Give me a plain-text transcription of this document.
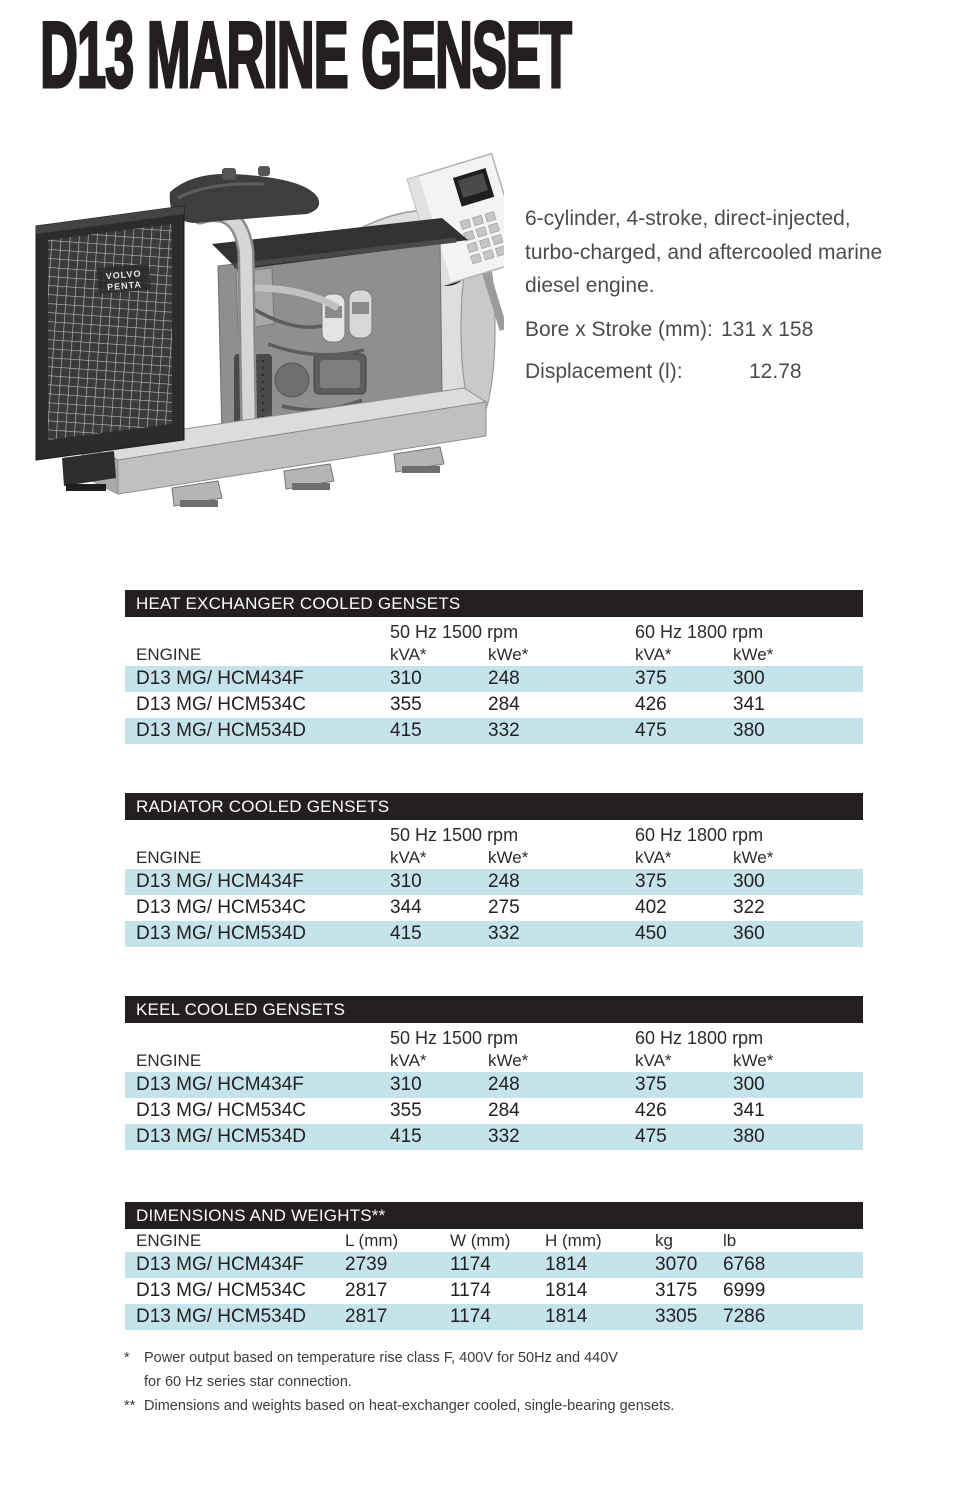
D13 MARINE GENSET
VOLVO
PENTA

6-cylinder, 4-stroke, direct-injected,
turbo-charged, and aftercooled marine
diesel engine.

Bore x Stroke (mm): 131 x 158
Displacement (l):	12.78
HEAT EXCHANGER COOLED GENSETS
50 Hz 1500 rpm	60 Hz 1800 rpm
ENGINE	kVA*	kWe*	kVA*	kWe*
D13 MG/ HCM434F	310	248	375	300
D13 MG/ HCM534C	355	284	426	341
D13 MG/ HCM534D	415	332	475	380
RADIATOR COOLED GENSETS
50 Hz 1500 rpm	60 Hz 1800 rpm
ENGINE	kVA*	kWe*	kVA*	kWe*
D13 MG/ HCM434F	310	248	375	300
D13 MG/ HCM534C	344	275	402	322
D13 MG/ HCM534D	415	332	450	360
KEEL COOLED GENSETS
50 Hz 1500 rpm	60 Hz 1800 rpm
ENGINE	kVA*	kWe*	kVA*	kWe*
D13 MG/ HCM434F	310	248	375	300
D13 MG/ HCM534C	355	284	426	341
D13 MG/ HCM534D	415	332	475	380
DIMENSIONS AND WEIGHTS**
ENGINE	L (mm)	W (mm)	H (mm)	kg	lb
D13 MG/ HCM434F	2739	1174	1814	3070	6768
D13 MG/ HCM534C	2817	1174	1814	3175	6999
D13 MG/ HCM534D	2817	1174	1814	3305	7286
* Power output based on temperature rise class F, 400V for 50Hz and 440V
for 60 Hz series star connection.
** Dimensions and weights based on heat-exchanger cooled, single-bearing gensets.
